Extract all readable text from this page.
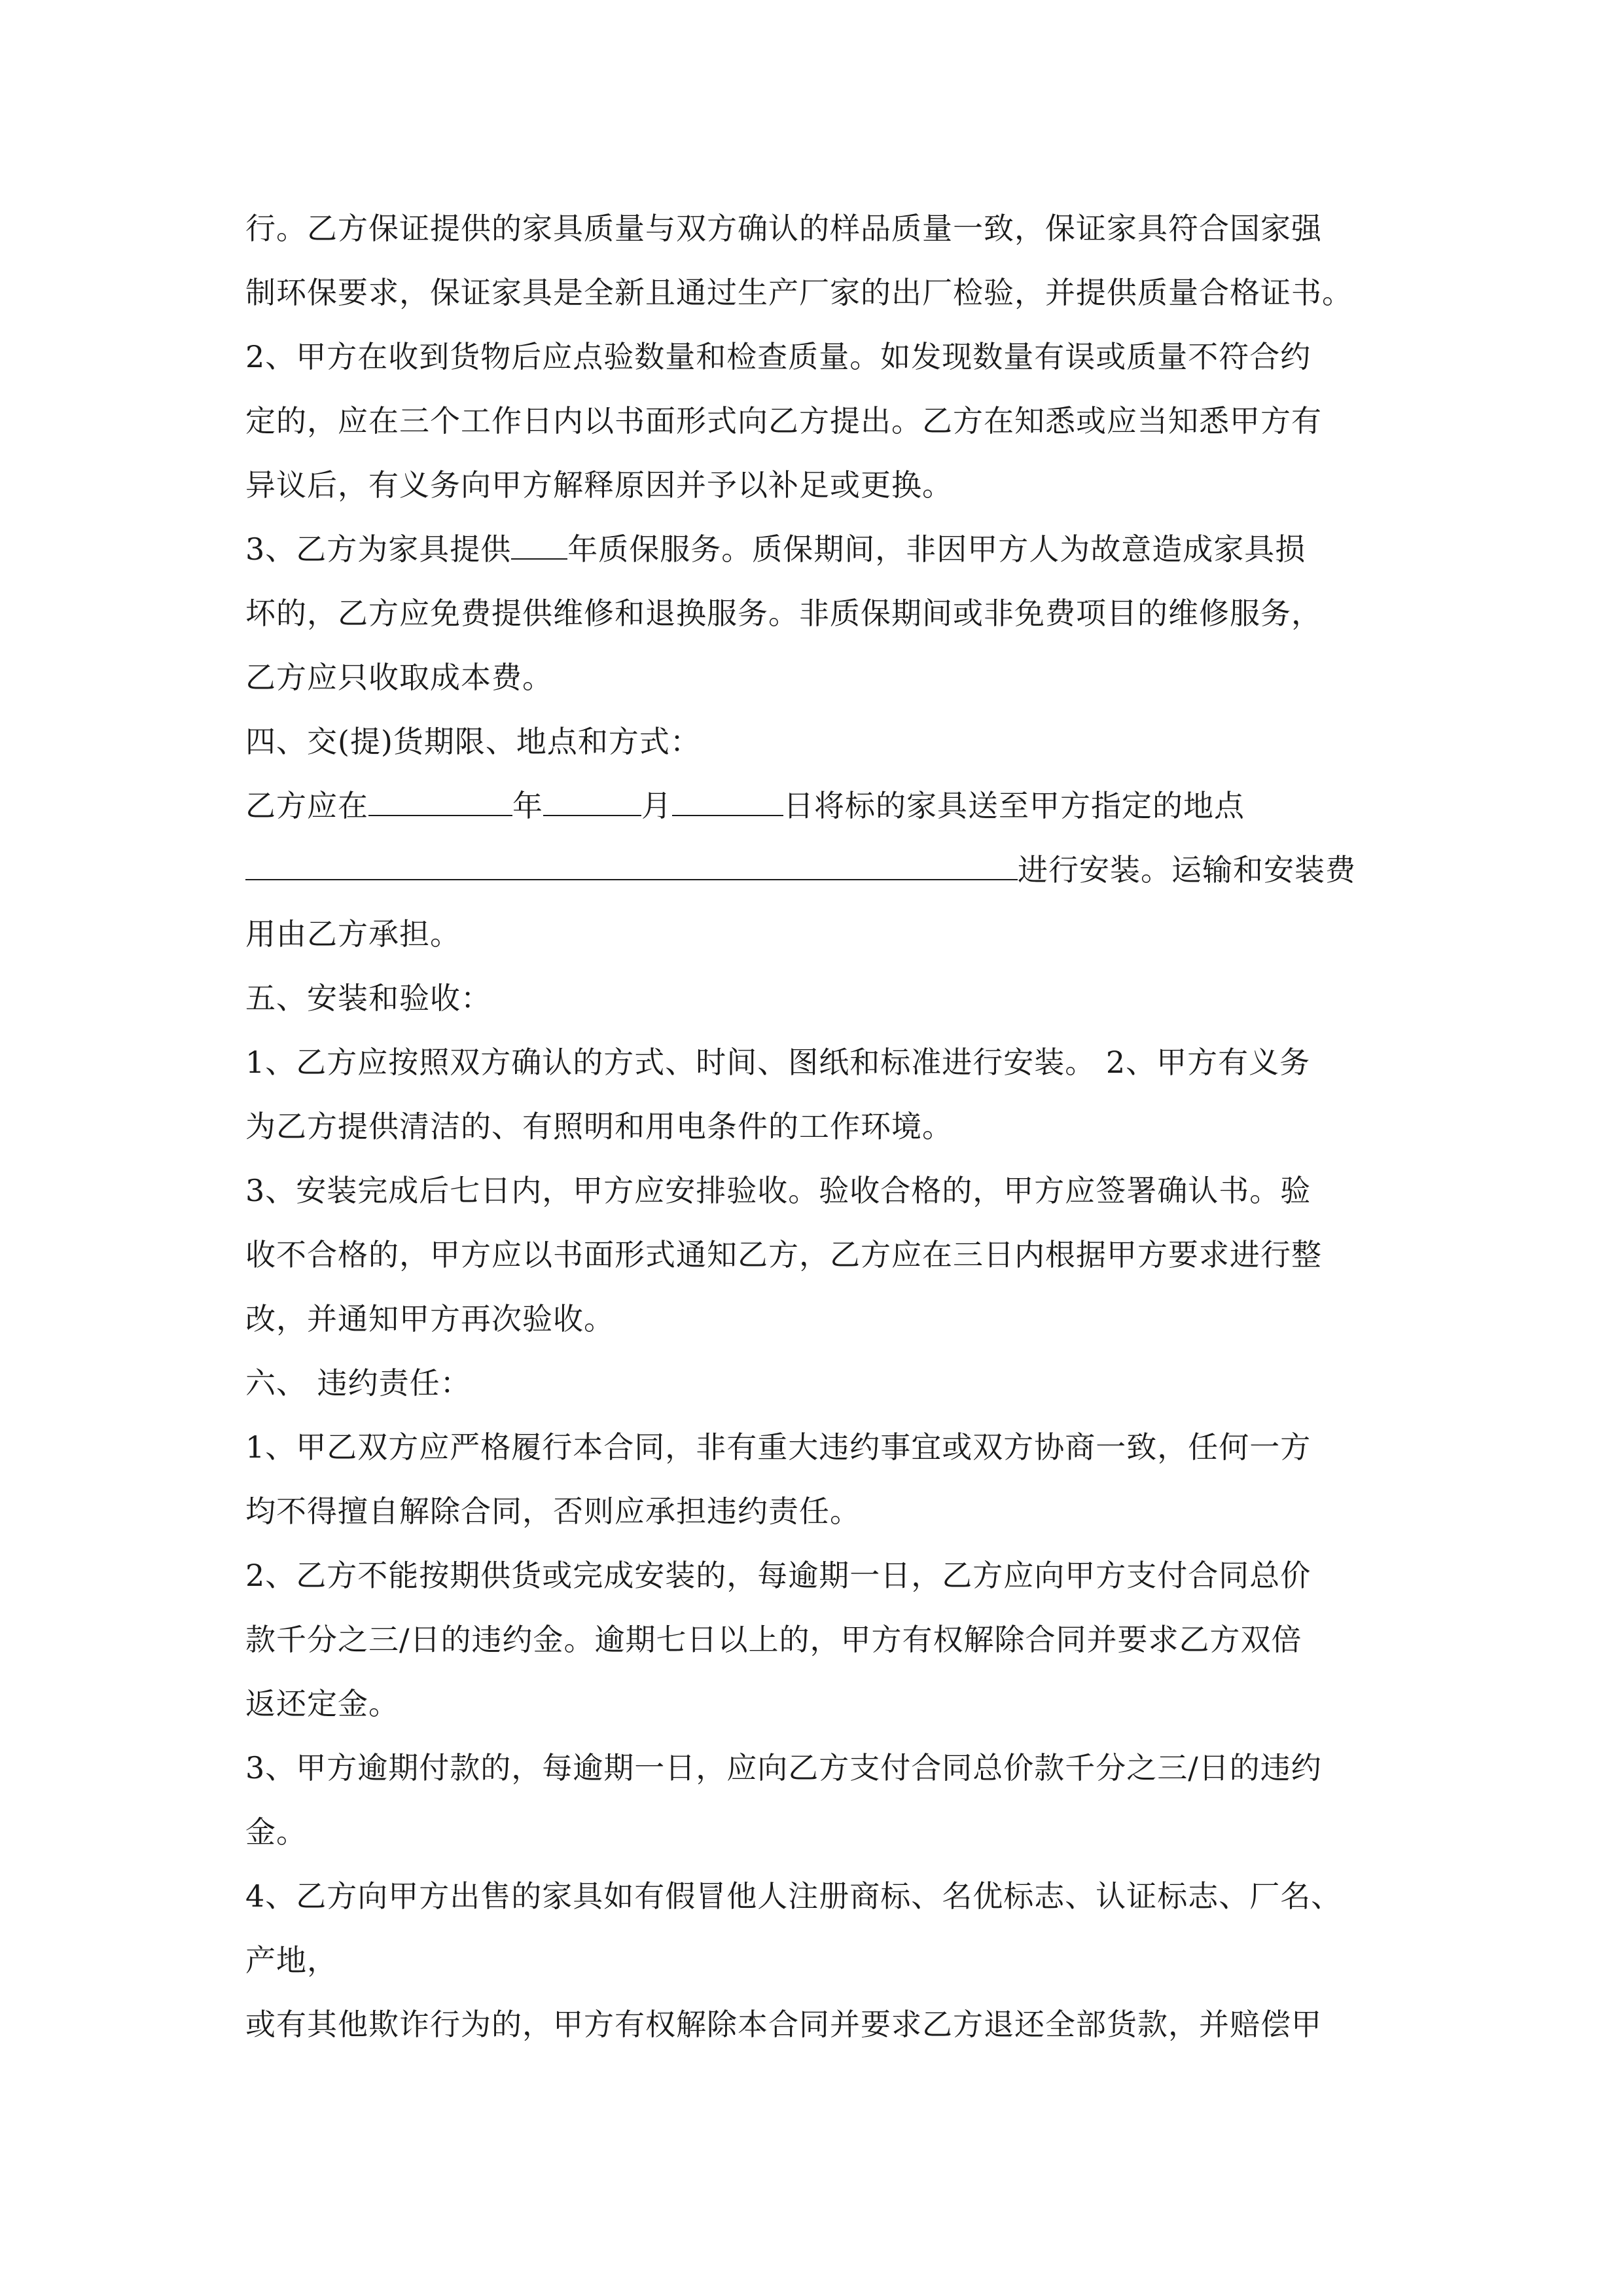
行。乙方保证提供的家具质量与双方确认的样品质量一致，保证家具符合国家强
制环保要求，保证家具是全新且通过生产厂家的出厂检验，并提供质量合格证书。
2、甲方在收到货物后应点验数量和检查质量。如发现数量有误或质量不符合约
定的，应在三个工作日内以书面形式向乙方提出。乙方在知悉或应当知悉甲方有
异议后，有义务向甲方解释原因并予以补足或更换。
3、乙方为家具提供 年质保服务。质保期间，非因甲方人为故意造成家具损
坏的，乙方应免费提供维修和退换服务。非质保期间或非免费项目的维修服务，
乙方应只收取成本费。
四、交(提)货期限、地点和方式：
乙方应在	年	月	日将标的家具送至甲方指定的地点
进行安装。运输和安装费
用由乙方承担。
五、安装和验收：
1、乙方应按照双方确认的方式、时间、图纸和标准进行安装。 2、甲方有义务
为乙方提供清洁的、有照明和用电条件的工作环境。
3、安装完成后七日内，甲方应安排验收。验收合格的，甲方应签署确认书。验
收不合格的，甲方应以书面形式通知乙方，乙方应在三日内根据甲方要求进行整
改，并通知甲方再次验收。
六、 违约责任：
1、甲乙双方应严格履行本合同，非有重大违约事宜或双方协商一致，任何一方
均不得擅自解除合同，否则应承担违约责任。
2、乙方不能按期供货或完成安装的，每逾期一日，乙方应向甲方支付合同总价
款千分之三/日的违约金。逾期七日以上的，甲方有权解除合同并要求乙方双倍
返还定金。
3、甲方逾期付款的，每逾期一日，应向乙方支付合同总价款千分之三/日的违约
金。
4、乙方向甲方出售的家具如有假冒他人注册商标、名优标志、认证标志、厂名、
产地，
或有其他欺诈行为的，甲方有权解除本合同并要求乙方退还全部货款，并赔偿甲
